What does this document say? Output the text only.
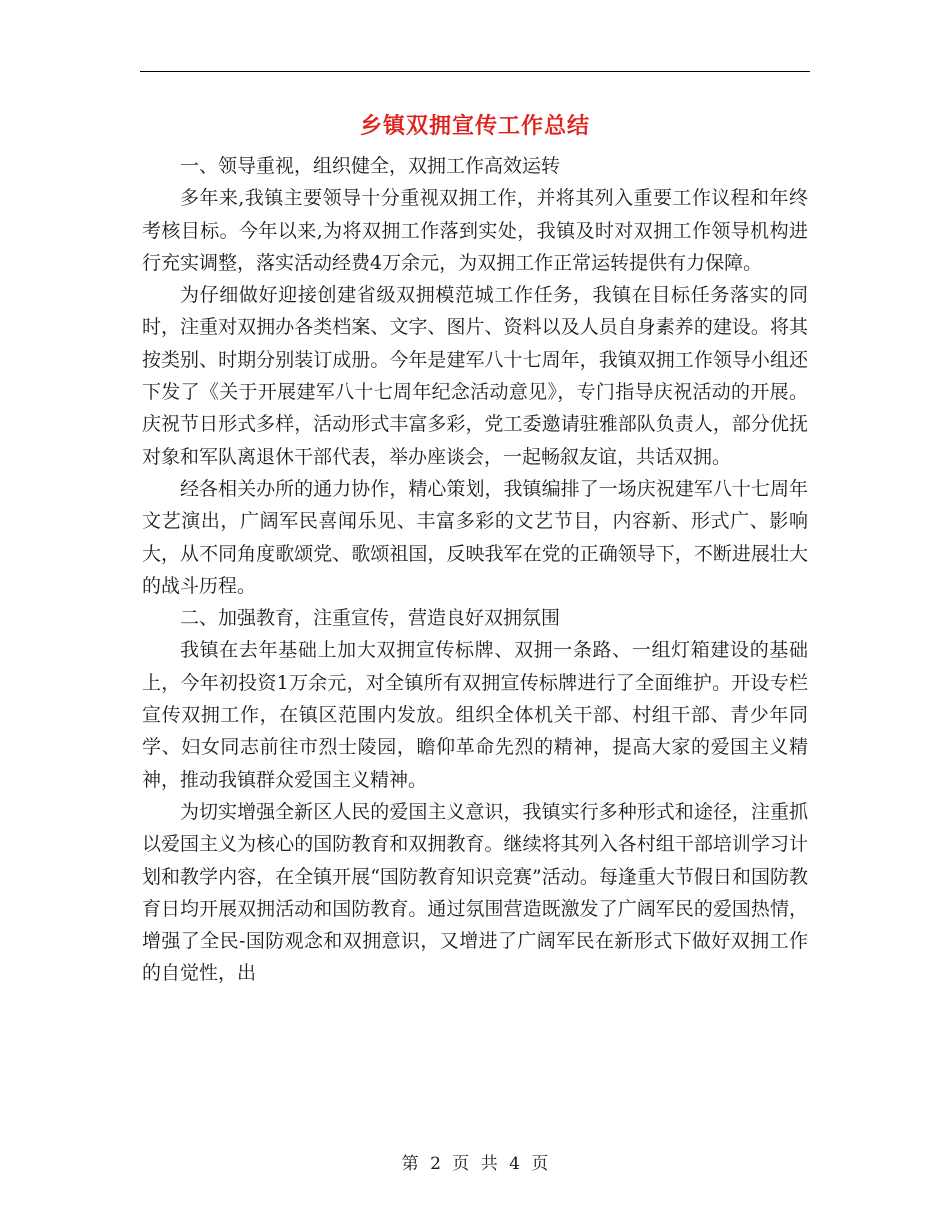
乡镇双拥宣传工作总结

一、领导重视，组织健全，双拥工作高效运转

多年来,我镇主要领导十分重视双拥工作，并将其列入重要工作议程和年终考核目标。今年以来,为将双拥工作落到实处，我镇及时对双拥工作领导机构进行充实调整，落实活动经费4万余元，为双拥工作正常运转提供有力保障。

为仔细做好迎接创建省级双拥模范城工作任务，我镇在目标任务落实的同时，注重对双拥办各类档案、文字、图片、资料以及人员自身素养的建设。将其按类别、时期分别装订成册。今年是建军八十七周年，我镇双拥工作领导小组还下发了《关于开展建军八十七周年纪念活动意见》，专门指导庆祝活动的开展。庆祝节日形式多样，活动形式丰富多彩，党工委邀请驻雅部队负责人，部分优抚对象和军队离退休干部代表，举办座谈会，一起畅叙友谊，共话双拥。

经各相关办所的通力协作，精心策划，我镇编排了一场庆祝建军八十七周年文艺演出，广阔军民喜闻乐见、丰富多彩的文艺节目，内容新、形式广、影响大，从不同角度歌颂党、歌颂祖国，反映我军在党的正确领导下，不断进展壮大的战斗历程。

二、加强教育，注重宣传，营造良好双拥氛围

我镇在去年基础上加大双拥宣传标牌、双拥一条路、一组灯箱建设的基础上，今年初投资1万余元，对全镇所有双拥宣传标牌进行了全面维护。开设专栏宣传双拥工作，在镇区范围内发放。组织全体机关干部、村组干部、青少年同学、妇女同志前往市烈士陵园，瞻仰革命先烈的精神，提高大家的爱国主义精神，推动我镇群众爱国主义精神。

为切实增强全新区人民的爱国主义意识，我镇实行多种形式和途径，注重抓以爱国主义为核心的国防教育和双拥教育。继续将其列入各村组干部培训学习计划和教学内容，在全镇开展“国防教育知识竞赛”活动。每逢重大节假日和国防教育日均开展双拥活动和国防教育。通过氛围营造既激发了广阔军民的爱国热情，增强了全民-国防观念和双拥意识，又增进了广阔军民在新形式下做好双拥工作的自觉性，出

第 2 页 共 4 页
